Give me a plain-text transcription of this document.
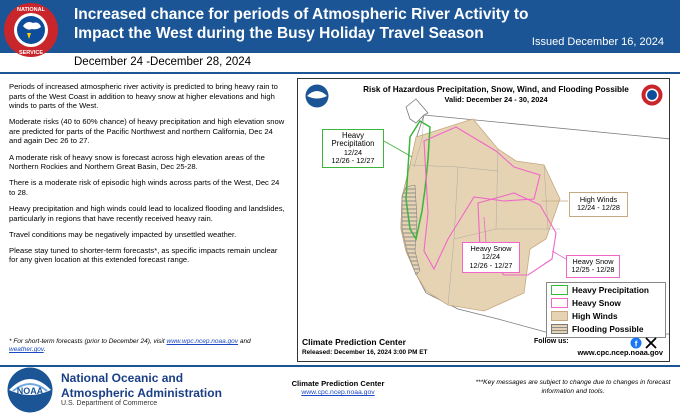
NATIONAL
SERVICE
Increased chance for periods of Atmospheric River Activity to
Impact the West during the Busy Holiday Travel Season	Issued December 16, 2024
December 24 -December 28, 2024

Periods of increased atmospheric river activity is predicted to bring heavy rain to parts of the West Coast in addition to heavy snow at higher elevations and high winds to parts of the West.

Moderate risks (40 to 60% chance) of heavy precipitation and high elevation snow are predicted for parts of the Pacific Northwest and northern California, Dec 24 and again Dec 26 to 27.

A moderate risk of heavy snow is forecast across high elevation areas of the Northern Rockies and Northern Great Basin, Dec 25-28.

There is a moderate risk of episodic high winds across parts of the West, Dec 24 to 28.

Heavy precipitation and high winds could lead to localized flooding and landslides, particularly in regions that have recently received heavy rain.

Travel conditions may be negatively impacted by unsettled weather.

Please stay tuned to shorter-term forecasts*, as specific impacts remain unclear for any given location at this extended forecast range.

* For short-term forecasts (prior to December 24), visit www.wpc.ncep.noaa.gov and weather.gov.
Risk of Hazardous Precipitation, Snow, Wind, and Flooding Possible
Valid: December 24 - 30, 2024
Heavy Precipitation
12/24
12/26 - 12/27
High Winds
12/24 - 12/28
Heavy Snow
12/24
12/26 - 12/27	Heavy Snow
12/25 - 12/28
Heavy Precipitation
Heavy Snow
High Winds
Flooding Possible
Climate Prediction Center
Released: December 16, 2024 3:00 PM ET
Follow us:	f
www.cpc.ncep.noaa.gov
NOAA
National Oceanic and
Atmospheric Administration
U.S. Department of Commerce
Climate Prediction Center
www.cpc.ncep.noaa.gov
***Key messages are subject to change due to changes in forecast information and tools.
